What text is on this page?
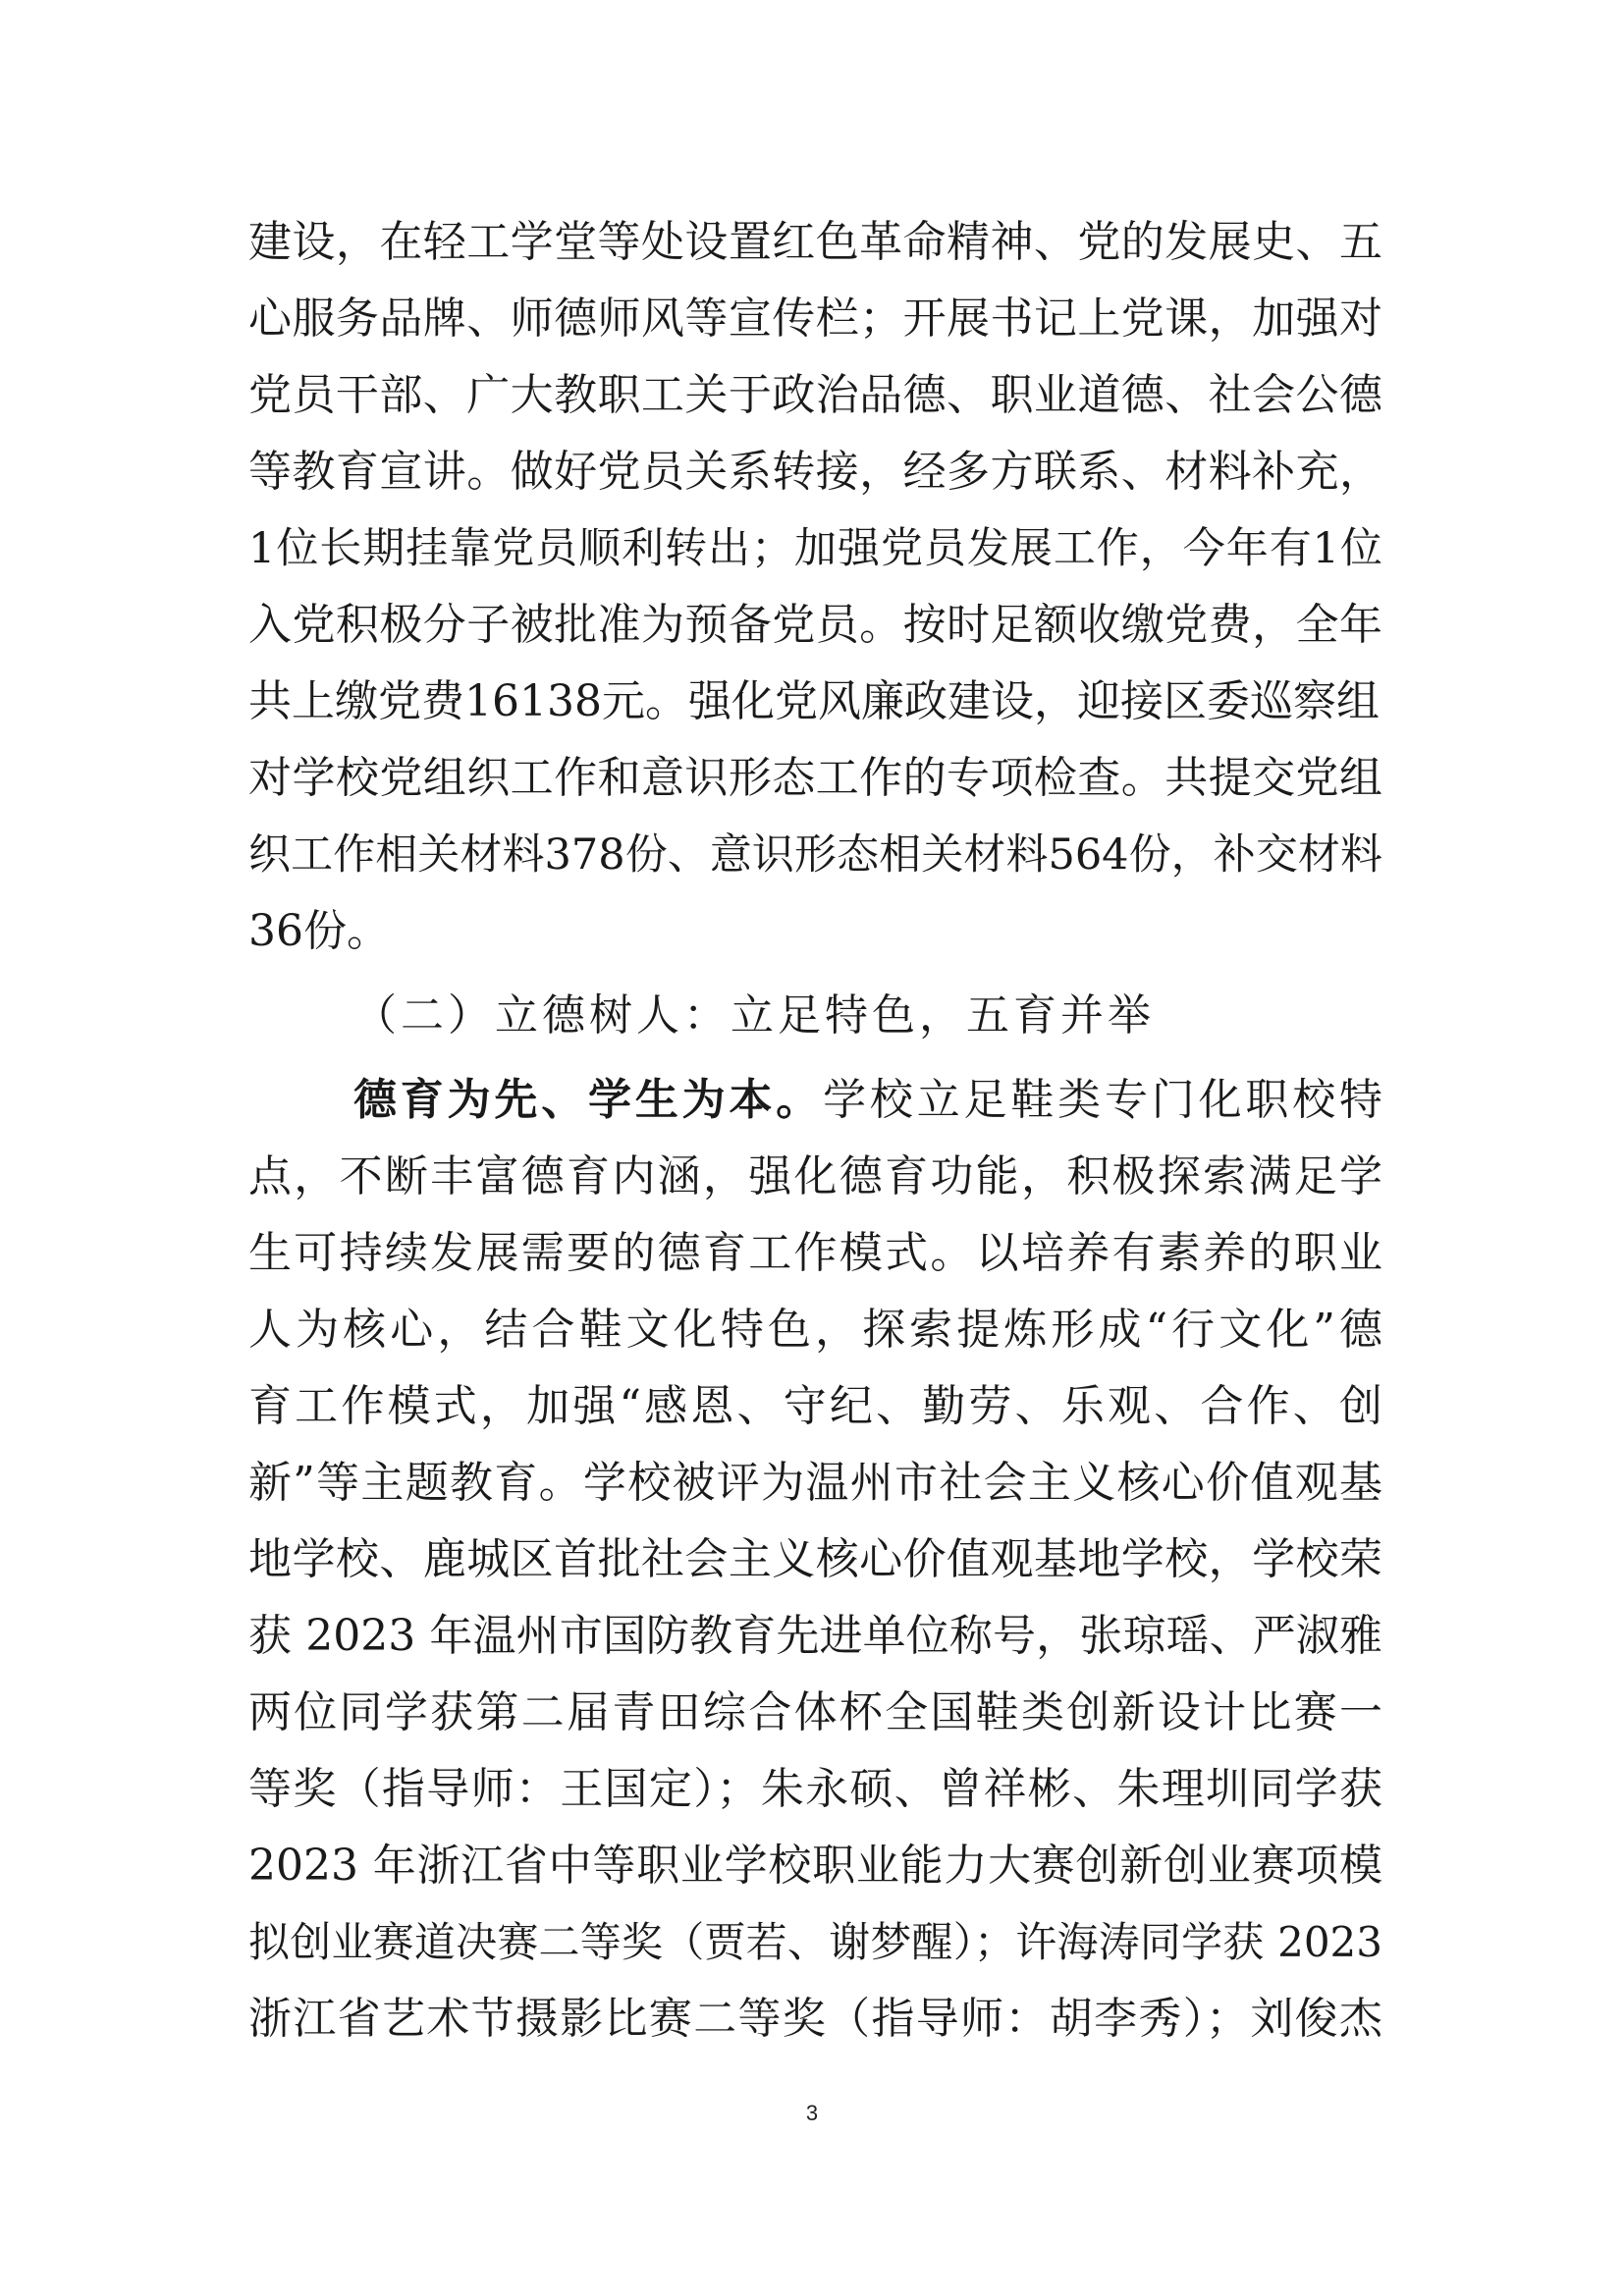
建设，在轻工学堂等处设置红色革命精神、党的发展史、五
心服务品牌、师德师风等宣传栏；开展书记上党课，加强对
党员干部、广大教职工关于政治品德、职业道德、社会公德
等教育宣讲。做好党员关系转接，经多方联系、材料补充，
1位长期挂靠党员顺利转出；加强党员发展工作，今年有1位
入党积极分子被批准为预备党员。按时足额收缴党费，全年
共上缴党费16138元。强化党风廉政建设，迎接区委巡察组
对学校党组织工作和意识形态工作的专项检查。共提交党组
织工作相关材料378份、意识形态相关材料564份，补交材料
36份。
（二）立德树人：立足特色，五育并举
德育为先、学生为本。学校立足鞋类专门化职校特
点，不断丰富德育内涵，强化德育功能，积极探索满足学
生可持续发展需要的德育工作模式。以培养有素养的职业
人为核心，结合鞋文化特色，探索提炼形成“行文化”德
育工作模式，加强“感恩、守纪、勤劳、乐观、合作、创
新”等主题教育。学校被评为温州市社会主义核心价值观基
地学校、鹿城区首批社会主义核心价值观基地学校，学校荣
获 2023 年温州市国防教育先进单位称号，张琼瑶、严淑雅
两位同学获第二届青田综合体杯全国鞋类创新设计比赛一
等奖（指导师：王国定）；朱永硕、曾祥彬、朱理圳同学获
2023 年浙江省中等职业学校职业能力大赛创新创业赛项模
拟创业赛道决赛二等奖（贾若、谢梦醒）；许海涛同学获 2023
浙江省艺术节摄影比赛二等奖（指导师：胡李秀）；刘俊杰
3
